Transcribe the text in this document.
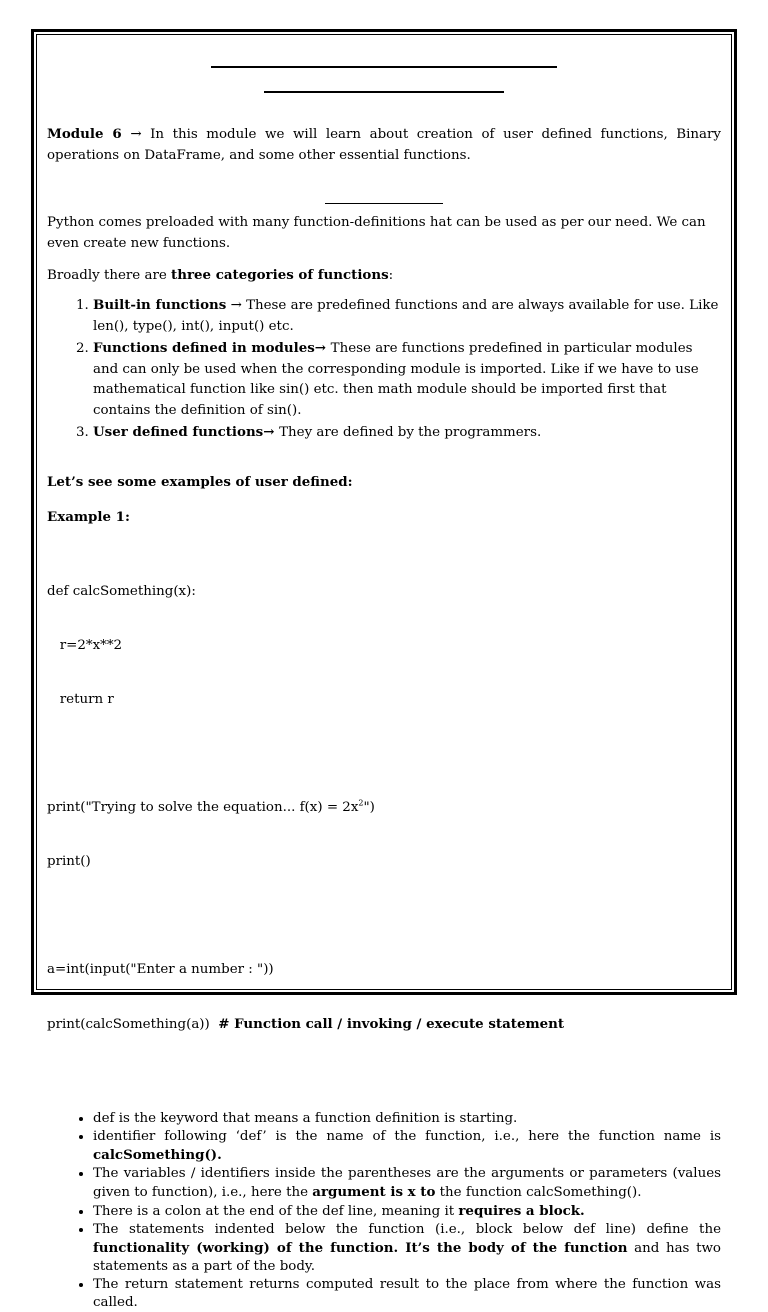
Module 6 → In this module we will learn about creation of user defined functions, Binary operations on DataFrame, and some other essential functions.

Python comes preloaded with many function-definitions hat can be used as per our need. We can even create new functions.

Broadly there are three categories of functions:

1. Built-in functions → These are predefined functions and are always available for use. Like len(), type(), int(), input() etc.
2. Functions defined in modules→ These are functions predefined in particular modules and can only be used when the corresponding module is imported. Like if we have to use mathematical function like sin() etc. then math module should be imported first that contains the definition of sin().
3. User defined functions→ They are defined by the programmers.

Let’s see some examples of user defined:

Example 1:

def calcSomething(x):

r=2*x**2

return r

print("Trying to solve the equation... $f(x) = 2x^2$")

print()

a=int(input("Enter a number : "))

print(calcSomething(a))  # Function call / invoking / execute statement

• def is the keyword that means a function definition is starting.
• identifier following ‘def’ is the name of the function, i.e., here the function name is calcSomething().
• The variables / identifiers inside the parentheses are the arguments or parameters (values given to function), i.e., here the argument is x to the function calcSomething().
• There is a colon at the end of the def line, meaning it requires a block.
• The statements indented below the function (i.e., block below def line) define the functionality (working) of the function. It’s the body of the function and has two statements as a part of the body.
• The return statement returns computed result to the place from where the function was called.
